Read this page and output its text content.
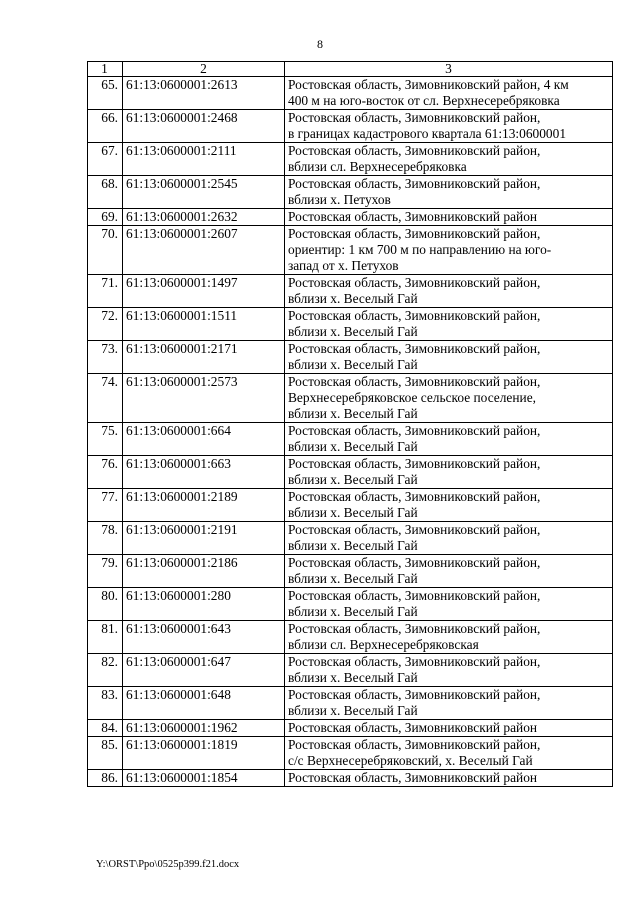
8
1	2	3
65.	61:13:0600001:2613	Ростовская область, Зимовниковский район, 4 км
400 м на юго-восток от сл. Верхнесеребряковка

66.	61:13:0600001:2468	Ростовская область, Зимовниковский район,
в границах кадастрового квартала 61:13:0600001

67.	61:13:0600001:2111	Ростовская область, Зимовниковский район,
вблизи сл. Верхнесеребряковка

68.	61:13:0600001:2545	Ростовская область, Зимовниковский район,
вблизи х. Петухов

69.	61:13:0600001:2632	Ростовская область, Зимовниковский район

70.	61:13:0600001:2607	Ростовская область, Зимовниковский район,
ориентир: 1 км 700 м по направлению на юго-
запад от х. Петухов

71.	61:13:0600001:1497	Ростовская область, Зимовниковский район,
вблизи х. Веселый Гай

72.	61:13:0600001:1511	Ростовская область, Зимовниковский район,
вблизи х. Веселый Гай

73.	61:13:0600001:2171	Ростовская область, Зимовниковский район,
вблизи х. Веселый Гай

74.	61:13:0600001:2573	Ростовская область, Зимовниковский район,
Верхнесеребряковское сельское поселение,
вблизи х. Веселый Гай

75.	61:13:0600001:664	Ростовская область, Зимовниковский район,
вблизи х. Веселый Гай

76.	61:13:0600001:663	Ростовская область, Зимовниковский район,
вблизи х. Веселый Гай

77.	61:13:0600001:2189	Ростовская область, Зимовниковский район,
вблизи х. Веселый Гай

78.	61:13:0600001:2191	Ростовская область, Зимовниковский район,
вблизи х. Веселый Гай

79.	61:13:0600001:2186	Ростовская область, Зимовниковский район,
вблизи х. Веселый Гай

80.	61:13:0600001:280	Ростовская область, Зимовниковский район,
вблизи х. Веселый Гай

81.	61:13:0600001:643	Ростовская область, Зимовниковский район,
вблизи сл. Верхнесеребряковская

82.	61:13:0600001:647	Ростовская область, Зимовниковский район,
вблизи х. Веселый Гай

83.	61:13:0600001:648	Ростовская область, Зимовниковский район,
вблизи х. Веселый Гай

84.	61:13:0600001:1962	Ростовская область, Зимовниковский район

85.	61:13:0600001:1819	Ростовская область, Зимовниковский район,
с/с Верхнесеребряковский, х. Веселый Гай

86.	61:13:0600001:1854	Ростовская область, Зимовниковский район
Y:\ORST\Ppo\0525p399.f21.docx
